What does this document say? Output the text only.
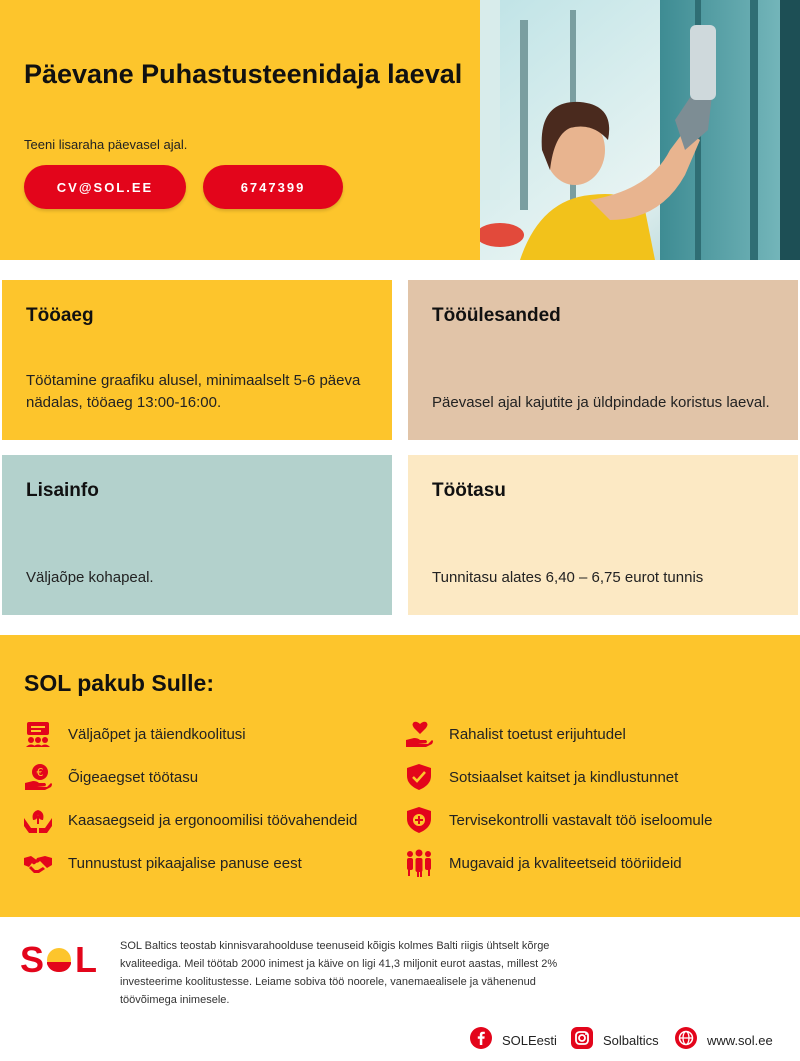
Päevane Puhastusteenidaja laeval
Teeni lisaraha päevasel ajal.
CV@SOL.EE	6747399
Tööaeg
Töötamine graafiku alusel, minimaalselt 5-6 päeva nädalas, tööaeg 13:00-16:00.
Tööülesanded
Päevasel ajal kajutite ja üldpindade koristus laeval.
Lisainfo
Väljaõpe kohapeal.
Töötasu
Tunnitasu alates 6,40 – 6,75 eurot tunnis
SOL pakub Sulle:
Väljaõpet ja täiendkoolitusi
€ Õigeaegset töötasu
Kaasaegseid ja ergonoomilisi töövahendeid
Tunnustust pikaajalise panuse eest
Rahalist toetust erijuhtudel
Sotsiaalset kaitset ja kindlustunnet
Tervisekontrolli vastavalt töö iseloomule
Mugavaid ja kvaliteetseid tööriideid
S L SOL Baltics teostab kinnisvarahoolduse teenuseid kõigis kolmes Balti riigis ühtselt kõrge kvaliteediga. Meil töötab 2000 inimest ja käive on ligi 41,3 miljonit eurot aastas, millest 2% investeerime koolitustesse. Leiame sobiva töö noorele, vanemaealisele ja vähenenud töövõimega inimesele.
SOLEesti	Solbaltics	www.sol.ee
